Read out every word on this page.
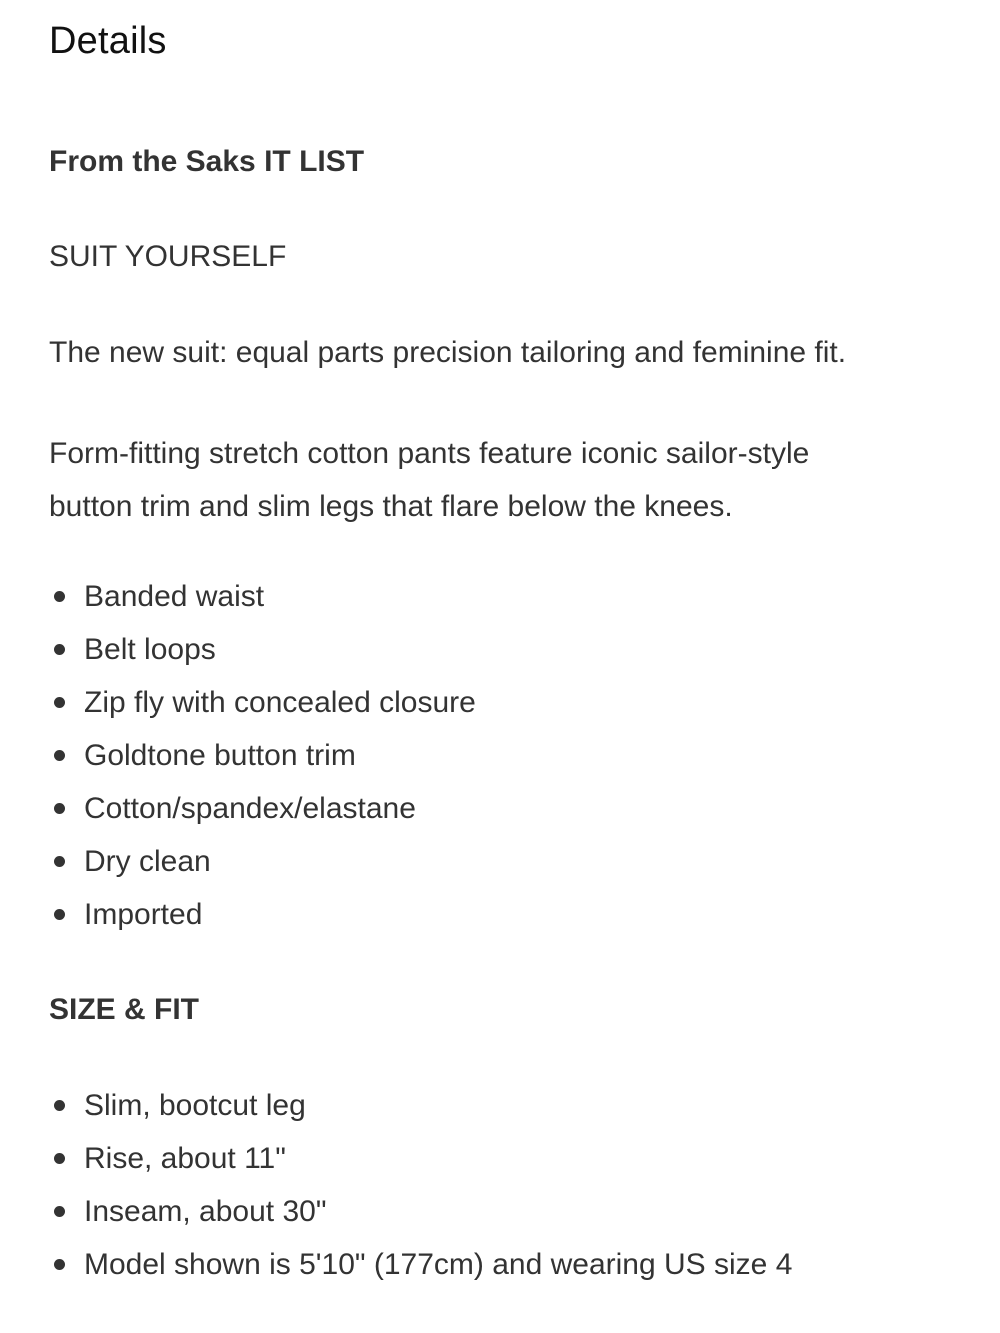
Details
From the Saks IT LIST
SUIT YOURSELF
The new suit: equal parts precision tailoring and feminine fit.
Form-fitting stretch cotton pants feature iconic sailor-style
button trim and slim legs that flare below the knees.
Banded waist
Belt loops
Zip fly with concealed closure
Goldtone button trim
Cotton/spandex/elastane
Dry clean
Imported
SIZE & FIT
Slim, bootcut leg
Rise, about 11"
Inseam, about 30"
Model shown is 5'10" (177cm) and wearing US size 4
